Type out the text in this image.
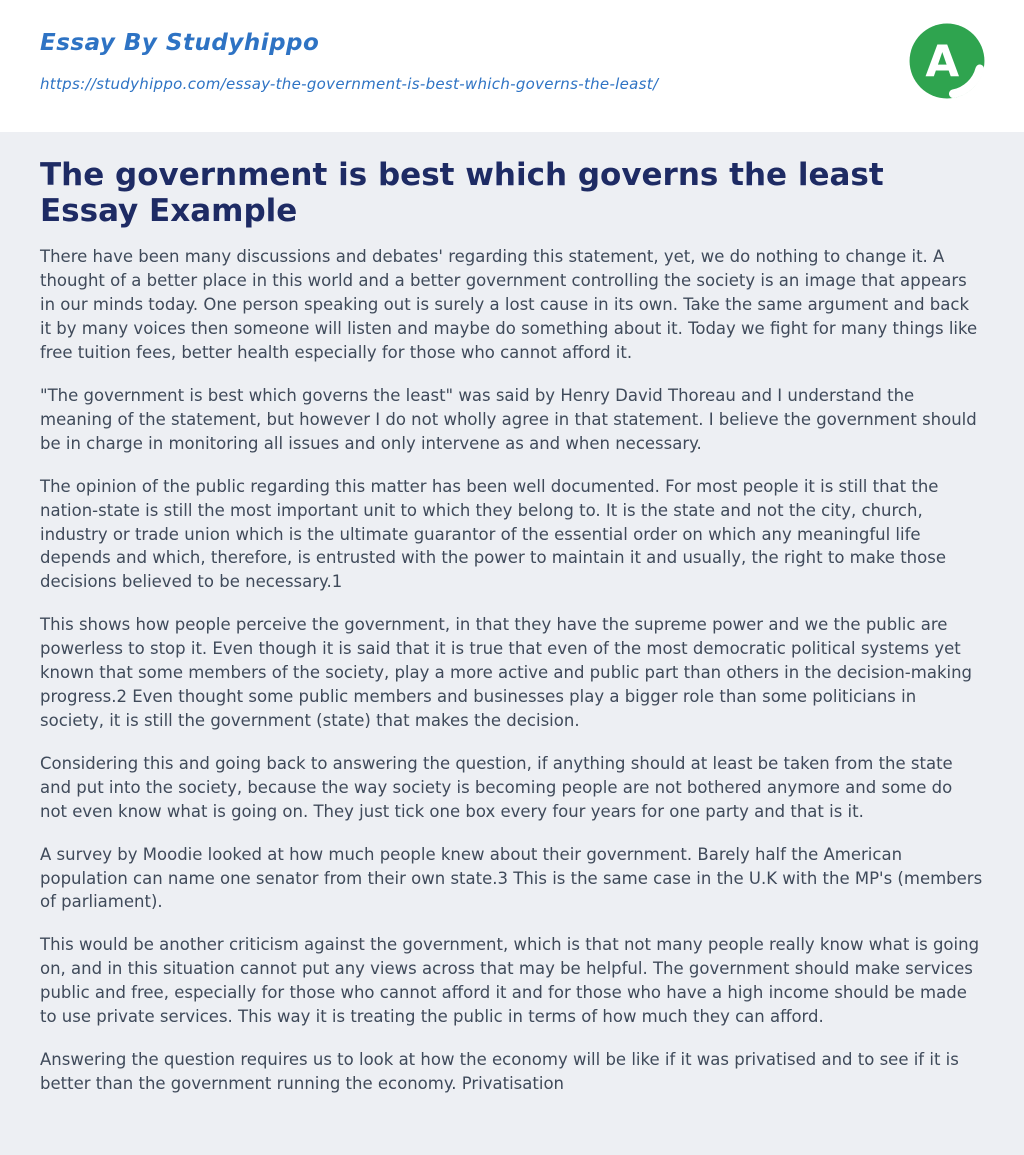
Essay By Studyhippo
https://studyhippo.com/essay-the-government-is-best-which-governs-the-least/	A
The government is best which governs the least Essay Example

There have been many discussions and debates' regarding this statement, yet, we do nothing to change it. A thought of a better place in this world and a better government controlling the society is an image that appears in our minds today. One person speaking out is surely a lost cause in its own. Take the same argument and back it by many voices then someone will listen and maybe do something about it. Today we fight for many things like free tuition fees, better health especially for those who cannot afford it.

"The government is best which governs the least" was said by Henry David Thoreau and I understand the meaning of the statement, but however I do not wholly agree in that statement. I believe the government should be in charge in monitoring all issues and only intervene as and when necessary.

The opinion of the public regarding this matter has been well documented. For most people it is still that the nation-state is still the most important unit to which they belong to. It is the state and not the city, church, industry or trade union which is the ultimate guarantor of the essential order on which any meaningful life depends and which, therefore, is entrusted with the power to maintain it and usually, the right to make those decisions believed to be necessary.1

This shows how people perceive the government, in that they have the supreme power and we the public are powerless to stop it. Even though it is said that it is true that even of the most democratic political systems yet known that some members of the society, play a more active and public part than others in the decision-making progress.2 Even thought some public members and businesses play a bigger role than some politicians in society, it is still the government (state) that makes the decision.

Considering this and going back to answering the question, if anything should at least be taken from the state and put into the society, because the way society is becoming people are not bothered anymore and some do not even know what is going on. They just tick one box every four years for one party and that is it.

A survey by Moodie looked at how much people knew about their government. Barely half the American population can name one senator from their own state.3 This is the same case in the U.K with the MP's (members of parliament).

This would be another criticism against the government, which is that not many people really know what is going on, and in this situation cannot put any views across that may be helpful. The government should make services public and free, especially for those who cannot afford it and for those who have a high income should be made to use private services. This way it is treating the public in terms of how much they can afford.

Answering the question requires us to look at how the economy will be like if it was privatised and to see if it is better than the government running the economy. Privatisation
